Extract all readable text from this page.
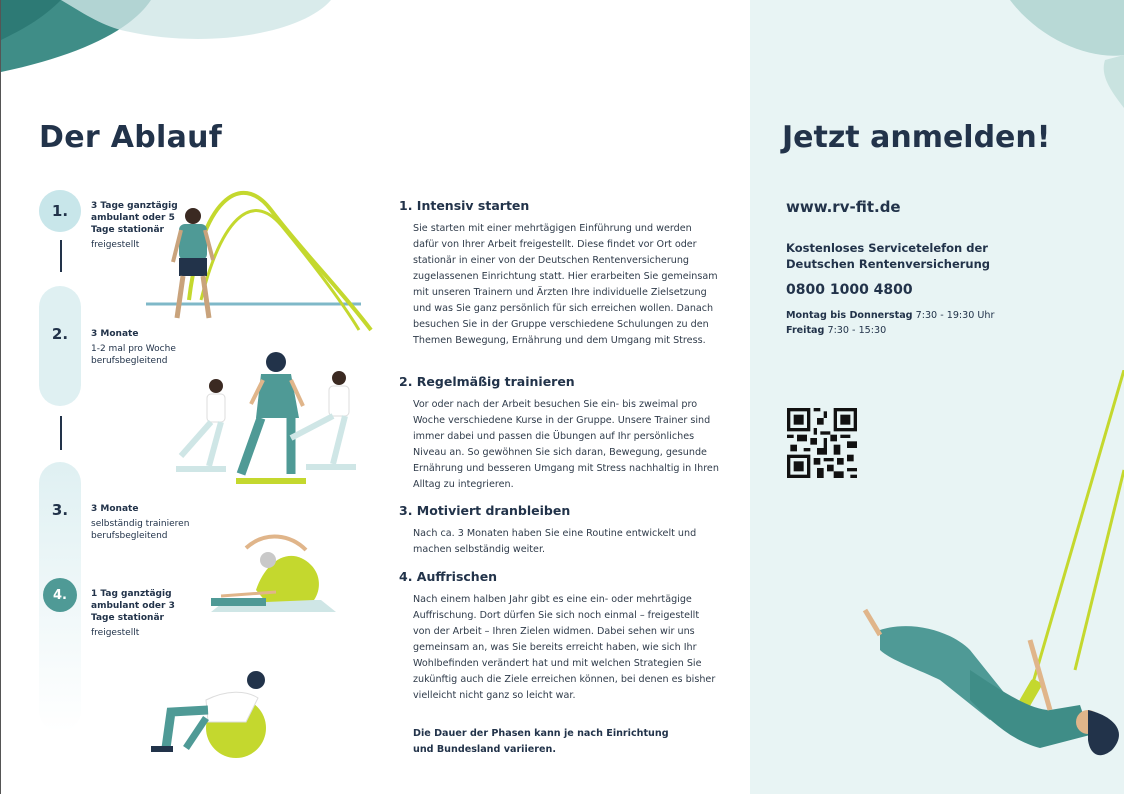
Der Ablauf
1.
2.
3.
4.
3 Tage ganztägig ambulant oder 5 Tage stationär
freigestellt
3 Monate
1-2 mal pro Woche berufsbegleitend
3 Monate
selbständig trainieren berufsbegleitend
1 Tag ganztägig ambulant oder 3 Tage stationär
freigestellt
1. Intensiv starten

Sie starten mit einer mehrtägigen Einführung und werden dafür von Ihrer Arbeit freigestellt. Diese findet vor Ort oder stationär in einer von der Deutschen Rentenversicherung zugelassenen Einrichtung statt. Hier erarbeiten Sie gemeinsam mit unseren Trainern und Ärzten Ihre individuelle Zielsetzung und was Sie ganz persönlich für sich erreichen wollen. Danach besuchen Sie in der Gruppe verschiedene Schulungen zu den Themen Bewegung, Ernährung und dem Umgang mit Stress.

2. Regelmäßig trainieren

Vor oder nach der Arbeit besuchen Sie ein- bis zweimal pro Woche verschiedene Kurse in der Gruppe. Unsere Trainer sind immer dabei und passen die Übungen auf Ihr persönliches Niveau an. So gewöhnen Sie sich daran, Bewegung, gesunde Ernährung und besseren Umgang mit Stress nachhaltig in Ihren Alltag zu integrieren.

3. Motiviert dranbleiben

Nach ca. 3 Monaten haben Sie eine Routine entwickelt und machen selbständig weiter.

4. Auffrischen

Nach einem halben Jahr gibt es eine ein- oder mehrtägige Auffrischung. Dort dürfen Sie sich noch einmal – freigestellt von der Arbeit – Ihren Zielen widmen. Dabei sehen wir uns gemeinsam an, was Sie bereits erreicht haben, wie sich Ihr Wohlbefinden verändert hat und mit welchen Strategien Sie zukünftig auch die Ziele erreichen können, bei denen es bisher vielleicht nicht ganz so leicht war.

Die Dauer der Phasen kann je nach Einrichtung und Bundesland variieren.
Jetzt anmelden!
www.rv-fit.de
Kostenloses Servicetelefon der Deutschen Rentenversicherung
0800 1000 4800
Montag bis Donnerstag 7:30 - 19:30 Uhr
Freitag 7:30 - 15:30
